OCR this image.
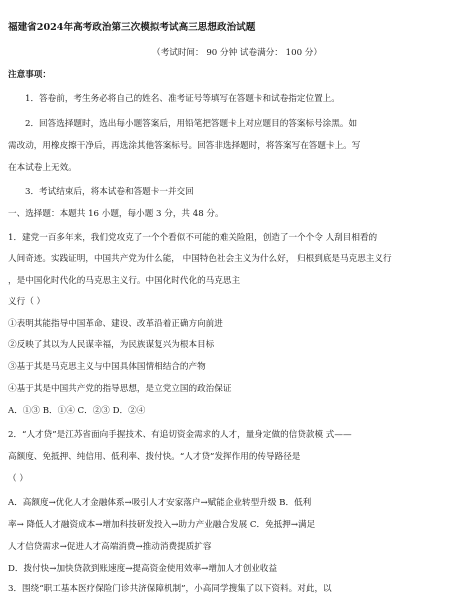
福建省2024年高考政治第三次模拟考试高三思想政治试题
（考试时间： 90 分钟 试卷满分： 100 分）
注意事项：
1．答卷前，考生务必将自己的姓名、准考证号等填写在答题卡和试卷指定位置上。
2．回答选择题时，选出每小题答案后，用铅笔把答题卡上对应题目的答案标号涂黑。如
需改动，用橡皮擦干净后，再选涂其他答案标号。回答非选择题时，将答案写在答题卡上。写
在本试卷上无效。
3．考试结束后，将本试卷和答题卡一并交回
一、选择题：本题共 16 小题，每小题 3 分，共 48 分。
1．建党一百多年来，我们党攻克了一个个看似不可能的难关险阻，创造了一个个令 人刮目相看的
人间奇迹。实践证明，中国共产党为什么能， 中国特色社会主义为什么好， 归根到底是马克思主义行
，是中国化时代化的马克思主义行。中国化时代化的马克思主
义行（ ）
①表明其能指导中国革命、建设、改革沿着正确方向前进
②反映了其以为人民谋幸福，为民族谋复兴为根本目标
③基于其是马克思主义与中国具体国情相结合的产物
④基于其是中国共产党的指导思想，是立党立国的政治保证
A．①③ B．①④ C．②③ D．②④
2．“人才贷”是江苏省面向手握技术、有追切资金需求的人才，量身定做的信贷款模 式——
高额度、免抵押、纯信用、低利率、拨付快。“人才贷”发挥作用的传导路径是
（ ）
A．高额度→优化人才金融体系→吸引人才安家落户→赋能企业转型升级 B．低利
率→ 降低人才融资成本→增加科技研发投入→助力产业融合发展 C．免抵押→满足
人才信贷需求→促进人才高端消费→推动消费提质扩容
D．拨付快→加快贷款到账速度→提高资金使用效率→增加人才创业收益
3．围绕“职工基本医疗保险门诊共济保障机制”，小高同学搜集了以下资料。对此，以
